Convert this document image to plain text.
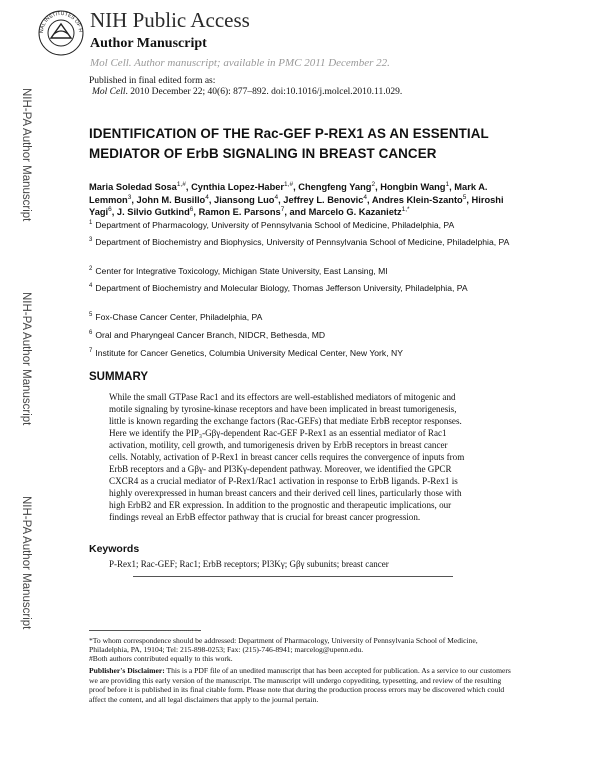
NAL INSTITUTES OF H NIH Public Access
Author Manuscript
Mol Cell. Author manuscript; available in PMC 2011 December 22.
NIH-PA Author Manuscript
NIH-PA Author Manuscript
NIH-PA Author Manuscript
Published in final edited form as:
Mol Cell. 2010 December 22; 40(6): 877–892. doi:10.1016/j.molcel.2010.11.029.
IDENTIFICATION OF THE Rac-GEF P-REX1 AS AN ESSENTIAL
MEDIATOR OF ErbB SIGNALING IN BREAST CANCER
Maria Soledad Sosa$^{1,\#}$, Cynthia Lopez-Haber$^{1,\#}$, Chengfeng Yang$^2$, Hongbin Wang$^1$, Mark A. Lemmon$^3$, John M. Busillo$^4$, Jiansong Luo$^4$, Jeffrey L. Benovic$^4$, Andres Klein-Szanto$^5$, Hiroshi Yagi$^6$, J. Silvio Gutkind$^6$, Ramon E. Parsons$^7$, and Marcelo G. Kazanietz$^{1,*}$
$^1$ Department of Pharmacology, University of Pennsylvania School of Medicine, Philadelphia, PA
$^3$ Department of Biochemistry and Biophysics, University of Pennsylvania School of Medicine, Philadelphia, PA
$^2$ Center for Integrative Toxicology, Michigan State University, East Lansing, MI
$^4$ Department of Biochemistry and Molecular Biology, Thomas Jefferson University, Philadelphia, PA
$^5$ Fox-Chase Cancer Center, Philadelphia, PA
$^6$ Oral and Pharyngeal Cancer Branch, NIDCR, Bethesda, MD
$^7$ Institute for Cancer Genetics, Columbia University Medical Center, New York, NY
SUMMARY
While the small GTPase Rac1 and its effectors are well-established mediators of mitogenic and
motile signaling by tyrosine-kinase receptors and have been implicated in breast tumorigenesis,
little is known regarding the exchange factors (Rac-GEFs) that mediate ErbB receptor responses.
Here we identify the PIP₃-Gβγ-dependent Rac-GEF P-Rex1 as an essential mediator of Rac1
activation, motility, cell growth, and tumorigenesis driven by ErbB receptors in breast cancer
cells. Notably, activation of P-Rex1 in breast cancer cells requires the convergence of inputs from
ErbB receptors and a Gβγ- and PI3Kγ-dependent pathway. Moreover, we identified the GPCR
CXCR4 as a crucial mediator of P-Rex1/Rac1 activation in response to ErbB ligands. P-Rex1 is
highly overexpressed in human breast cancers and their derived cell lines, particularly those with
high ErbB2 and ER expression. In addition to the prognostic and therapeutic implications, our
findings reveal an ErbB effector pathway that is crucial for breast cancer progression.
Keywords
P-Rex1; Rac-GEF; Rac1; ErbB receptors; PI3Kγ; Gβγ subunits; breast cancer
*To whom correspondence should be addressed: Department of Pharmacology, University of Pennsylvania School of Medicine, Philadelphia, PA, 19104; Tel: 215-898-0253; Fax: (215)-746-8941; marcelog@upenn.edu.
#Both authors contributed equally to this work.
Publisher's Disclaimer: This is a PDF file of an unedited manuscript that has been accepted for publication. As a service to our customers we are providing this early version of the manuscript. The manuscript will undergo copyediting, typesetting, and review of the resulting proof before it is published in its final citable form. Please note that during the production process errors may be discovered which could affect the content, and all legal disclaimers that apply to the journal pertain.
